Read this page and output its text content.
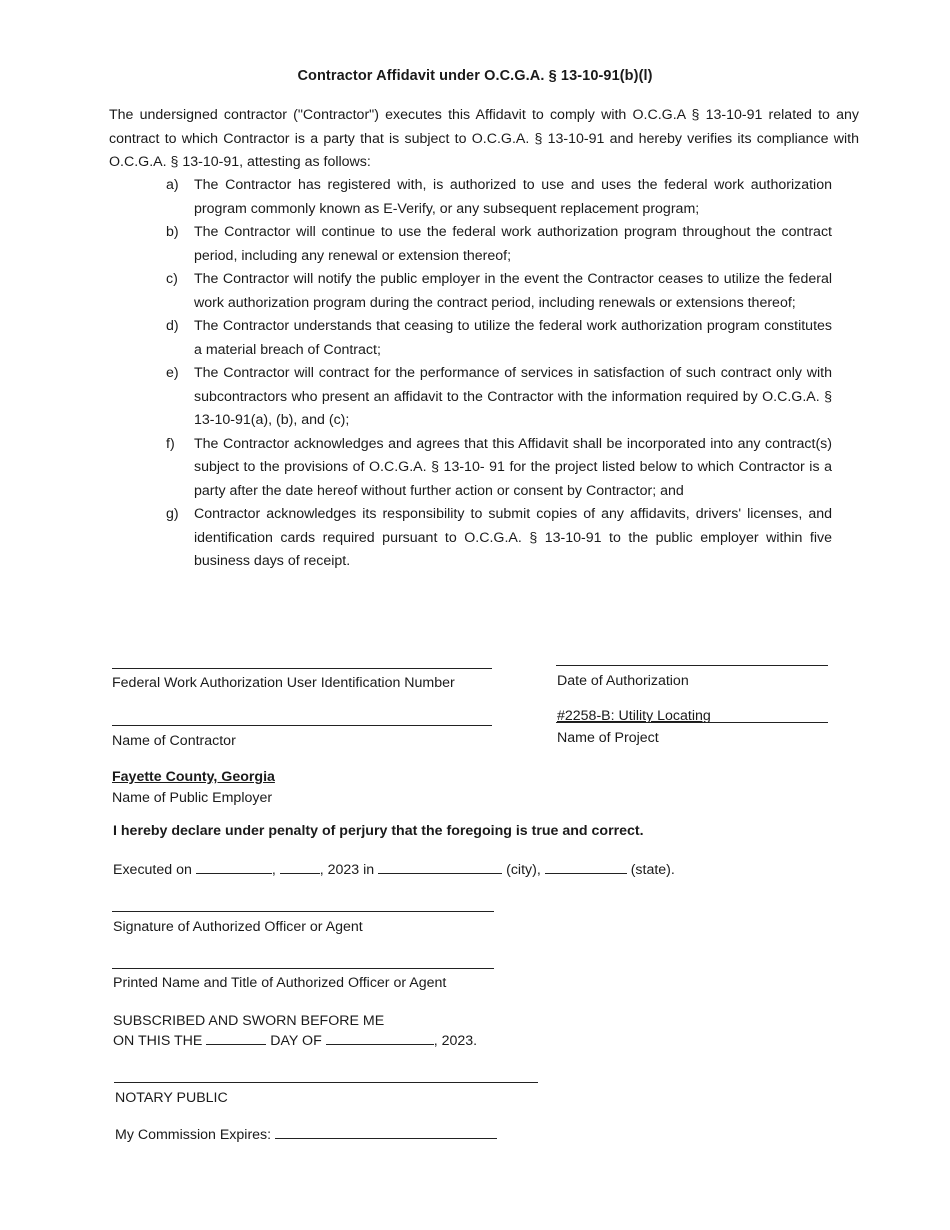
Contractor Affidavit under O.C.G.A. § 13-10-91(b)(l)
The undersigned contractor ("Contractor") executes this Affidavit to comply with O.C.G.A § 13-10-91 related to any contract to which Contractor is a party that is subject to O.C.G.A. § 13-10-91 and hereby verifies its compliance with O.C.G.A. § 13-10-91, attesting as follows:
a) The Contractor has registered with, is authorized to use and uses the federal work authorization program commonly known as E-Verify, or any subsequent replacement program;
b) The Contractor will continue to use the federal work authorization program throughout the contract period, including any renewal or extension thereof;
c) The Contractor will notify the public employer in the event the Contractor ceases to utilize the federal work authorization program during the contract period, including renewals or extensions thereof;
d) The Contractor understands that ceasing to utilize the federal work authorization program constitutes a material breach of Contract;
e) The Contractor will contract for the performance of services in satisfaction of such contract only with subcontractors who present an affidavit to the Contractor with the information required by O.C.G.A. § 13-10-91(a), (b), and (c);
f) The Contractor acknowledges and agrees that this Affidavit shall be incorporated into any contract(s) subject to the provisions of O.C.G.A. § 13-10- 91 for the project listed below to which Contractor is a party after the date hereof without further action or consent by Contractor; and
g) Contractor acknowledges its responsibility to submit copies of any affidavits, drivers' licenses, and identification cards required pursuant to O.C.G.A. § 13-10-91 to the public employer within five business days of receipt.
Federal Work Authorization User Identification Number	Date of Authorization
Name of Contractor
#2258-B: Utility Locating
Name of Project
Fayette County, Georgia
Name of Public Employer
I hereby declare under penalty of perjury that the foregoing is true and correct.
Executed on	,	, 2023 in	(city),	(state).
Signature of Authorized Officer or Agent
Printed Name and Title of Authorized Officer or Agent
SUBSCRIBED AND SWORN BEFORE ME
ON THIS THE	DAY OF	, 2023.
NOTARY PUBLIC
My Commission Expires:
